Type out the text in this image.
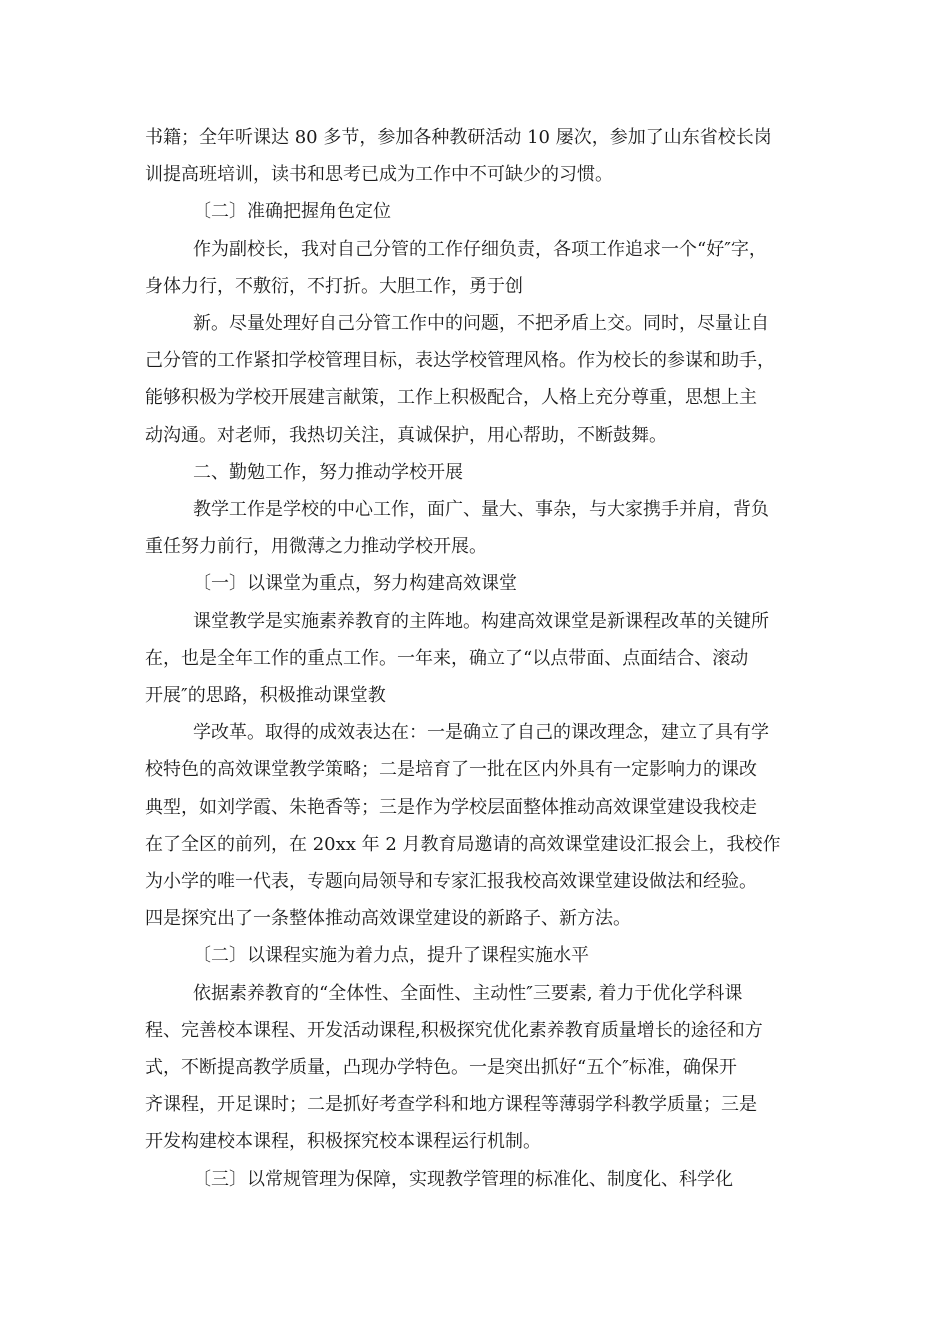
书籍；全年听课达 80 多节，参加各种教研活动 10 屡次，参加了山东省校长岗
训提高班培训，读书和思考已成为工作中不可缺少的习惯。
〔二〕准确把握角色定位
作为副校长，我对自己分管的工作仔细负责，各项工作追求一个“好″字，
身体力行，不敷衍，不打折。大胆工作，勇于创
新。尽量处理好自己分管工作中的问题，不把矛盾上交。同时，尽量让自
己分管的工作紧扣学校管理目标，表达学校管理风格。作为校长的参谋和助手，
能够积极为学校开展建言献策，工作上积极配合，人格上充分尊重，思想上主
动沟通。对老师，我热切关注，真诚保护，用心帮助，不断鼓舞。
二、勤勉工作，努力推动学校开展
教学工作是学校的中心工作，面广、量大、事杂，与大家携手并肩，背负
重任努力前行，用微薄之力推动学校开展。
〔一〕以课堂为重点，努力构建高效课堂
课堂教学是实施素养教育的主阵地。构建高效课堂是新课程改革的关键所
在，也是全年工作的重点工作。一年来，确立了“以点带面、点面结合、滚动
开展″的思路，积极推动课堂教
学改革。取得的成效表达在：一是确立了自己的课改理念，建立了具有学
校特色的高效课堂教学策略；二是培育了一批在区内外具有一定影响力的课改
典型，如刘学霞、朱艳香等；三是作为学校层面整体推动高效课堂建设我校走
在了全区的前列，在 20xx 年 2 月教育局邀请的高效课堂建设汇报会上，我校作
为小学的唯一代表，专题向局领导和专家汇报我校高效课堂建设做法和经验。
四是探究出了一条整体推动高效课堂建设的新路子、新方法。
〔二〕以课程实施为着力点，提升了课程实施水平
依据素养教育的“全体性、全面性、主动性″三要素, 着力于优化学科课
程、完善校本课程、开发活动课程,积极探究优化素养教育质量增长的途径和方
式，不断提高教学质量，凸现办学特色。一是突出抓好“五个″标准，确保开
齐课程，开足课时；二是抓好考查学科和地方课程等薄弱学科教学质量；三是
开发构建校本课程，积极探究校本课程运行机制。
〔三〕以常规管理为保障，实现教学管理的标准化、制度化、科学化
